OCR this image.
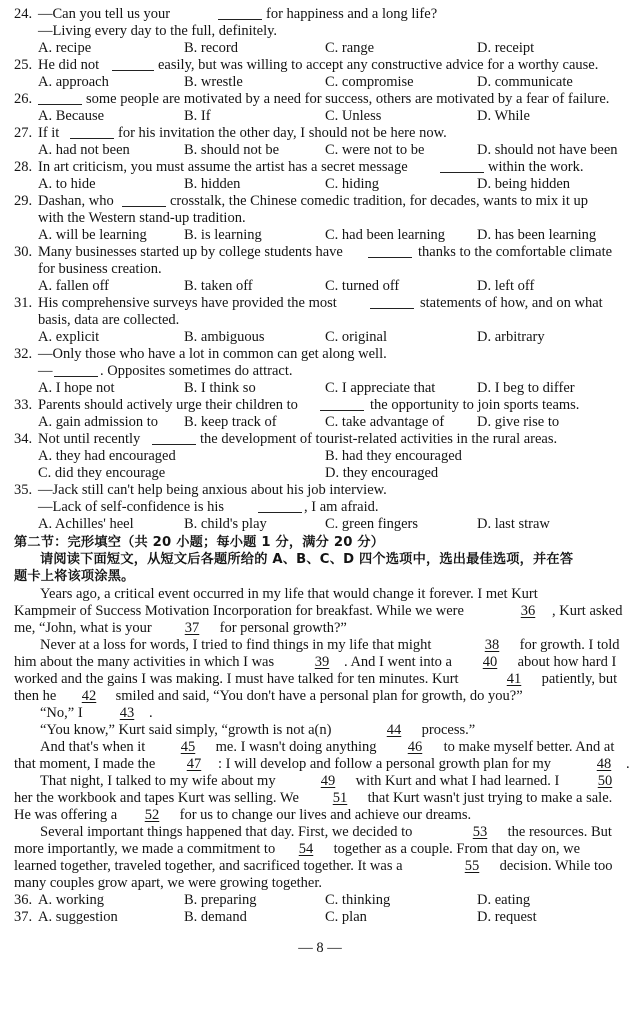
24.

—Can you tell us your

	for happiness and a long life?

—Living every day to the full, definitely.

A. recipe

	B. record

	C. range

	D. receipt

25.

He did not

	easily, but was willing to accept any constructive advice for a worthy cause.

A. approach

	B. wrestle

	C. compromise

	D. communicate

26.

	some people are motivated by a need for success, others are motivated by a fear of failure.

A. Because

	B. If

	C. Unless

	D. While

27.

If it

	for his invitation the other day, I should not be here now.

A. had not been

	B. should not be

	C. were not to be

	D. should not have been

28.

In art criticism, you must assume the artist has a secret message

	within the work.

A. to hide

	B. hidden

	C. hiding

	D. being hidden

29.

Dashan, who

	crosstalk, the Chinese comedic tradition, for decades, wants to mix it up

with the Western stand-up tradition.

A. will be learning

	B. is learning

	C. had been learning

D. has been learning

30.

Many businesses started up by college students have

	thanks to the comfortable climate

for business creation.

A. fallen off

	B. taken off

	C. turned off

	D. left off

31.

His comprehensive surveys have provided the most

	statements of how, and on what

basis, data are collected.

A. explicit

	B. ambiguous

	C. original

	D. arbitrary

32.

—Only those who have a lot in common can get along well.

—

	. Opposites sometimes do attract.

A. I hope not

	B. I think so

	C. I appreciate that

	D. I beg to differ

33.

Parents should actively urge their children to

	the opportunity to join sports teams.

A. gain admission to

B. keep track of

	C. take advantage of

D. give rise to

34.

Not until recently

	the development of tourist-related activities in the rural areas.

A. they had encouraged

	B. had they encouraged

C. did they encourage

	D. they encouraged

35.

—Jack still can't help being anxious about his job interview.

—Lack of self-confidence is his

	, I am afraid.

A. Achilles' heel

	B. child's play

	C. green fingers

	D. last straw

第二节：完形填空（共 20 小题；每小题 1 分，满分 20 分）

请阅读下面短文，从短文后各题所给的 A、B、C、D 四个选项中，选出最佳选项，并在答

题卡上将该项涂黑。

Years ago, a critical event occurred in my life that would change it forever. I met Kurt

Kampmeir of Success Motivation Incorporation for breakfast. While we were

	36

	, Kurt asked

me, “John, what is your

	37

	for personal growth?”

Never at a loss for words, I tried to find things in my life that might

	38

	for growth. I told

him about the many activities in which I was

	39

	. And I went into a

	40

	about how hard I

worked and the gains I was making. I must have talked for ten minutes. Kurt

	41

	patiently, but

then he

	42

	smiled and said, “You don't have a personal plan for growth, do you?”

“No,” I

	43

	.

“You know,” Kurt said simply, “growth is not a(n)

	44

	process.”

And that's when it

	45

	me. I wasn't doing anything

	46

	to make myself better. And at

that moment, I made the

	47

	: I will develop and follow a personal growth plan for my

	48

	.

That night, I talked to my wife about my

	49

	with Kurt and what I had learned. I

	50

her the workbook and tapes Kurt was selling. We

	51

	that Kurt wasn't just trying to make a sale.

He was offering a

	52

	for us to change our lives and achieve our dreams.

Several important things happened that day. First, we decided to

	53

	the resources. But

more importantly, we made a commitment to

	54

	together as a couple. From that day on, we

learned together, traveled together, and sacrificed together. It was a

	55

	decision. While too

many couples grow apart, we were growing together.

36.

A. working

	B. preparing

	C. thinking

	D. eating

37.

A. suggestion

	B. demand

	C. plan

	D. request

— 8 —
